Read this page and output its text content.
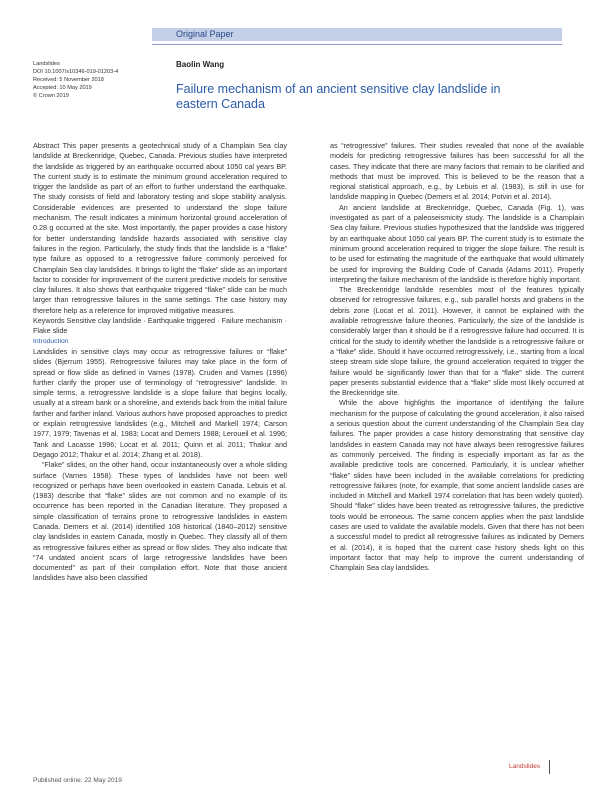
Original Paper
Landslides
DOI 10.1007/s10346-019-01203-4
Received: 5 November 2018
Accepted: 10 May 2019
© Crown 2019
Baolin Wang
Failure mechanism of an ancient sensitive clay landslide in eastern Canada

Abstract This paper presents a geotechnical study of a Champlain Sea clay landslide at Breckenridge, Quebec, Canada. Previous studies have interpreted the landslide as triggered by an earthquake occurred about 1050 cal years BP. The current study is to estimate the minimum ground acceleration required to trigger the landslide as part of an effort to further understand the earthquake. The study consists of field and laboratory testing and slope stability analysis. Considerable evidences are presented to understand the slope failure mechanism. The result indicates a minimum horizontal ground acceleration of 0.28 g occurred at the site. Most importantly, the paper provides a case history for better understanding landslide hazards associated with sensitive clay failures in the region. Particularly, the study finds that the landslide is a “flake” type failure as opposed to a retrogressive failure commonly perceived for Champlain Sea clay landslides. It brings to light the “flake” slide as an important factor to consider for improvement of the current predictive models for sensitive clay failures. It also shows that earthquake triggered “flake” slide can be much larger than retrogressive failures in the same settings. The case history may therefore help as a reference for improved mitigative measures.

Keywords Sensitive clay landslide · Earthquake triggered · Failure mechanism · Flake slide

Introduction

Landslides in sensitive clays may occur as retrogressive failures or “flake” slides (Bjerrum 1955). Retrogressive failures may take place in the form of spread or flow slide as defined in Varnes (1978). Cruden and Varnes (1996) further clarify the proper use of terminology of “retrogressive” landslide. In simple terms, a retrogressive landslide is a slope failure that begins locally, usually at a stream bank or a shoreline, and extends back from the initial failure farther and farther inland. Various authors have proposed approaches to predict or explain retrogressive landslides (e.g., Mitchell and Markell 1974; Carson 1977, 1979; Tavenas et al. 1983; Locat and Demers 1988; Leroueil et al. 1996; Tank and Lacasse 1996; Locat et al. 2011; Quinn et al. 2011; Thakur and Degago 2012; Thakur et al. 2014; Zhang et al. 2018).

“Flake” slides, on the other hand, occur instantaneously over a whole sliding surface (Varnes 1958). These types of landslides have not been well recognized or perhaps have been overlooked in eastern Canada. Lebuis et al. (1983) describe that “flake” slides are not common and no example of its occurrence has been reported in the Canadian literature. They proposed a simple classification of terrains prone to retrogressive landslides in eastern Canada. Demers et al. (2014) identified 108 historical (1840–2012) sensitive clay landslides in eastern Canada, mostly in Quebec. They classify all of them as retrogressive failures either as spread or flow slides. They also indicate that “74 undated ancient scars of large retrogressive landslides have been documented” as part of their compilation effort. Note that those ancient landslides have also been classified

as “retrogressive” failures. Their studies revealed that none of the available models for predicting retrogressive failures has been successful for all the cases. They indicate that there are many factors that remain to be clarified and methods that must be improved. This is believed to be the reason that a regional statistical approach, e.g., by Lebuis et al. (1983), is still in use for landslide mapping in Quebec (Demers et al. 2014; Potvin et al. 2014).

An ancient landslide at Breckenridge, Quebec, Canada (Fig. 1), was investigated as part of a paleoseismicity study. The landslide is a Champlain Sea clay failure. Previous studies hypothesized that the landslide was triggered by an earthquake about 1050 cal years BP. The current study is to estimate the minimum ground acceleration required to trigger the slope failure. The result is to be used for estimating the magnitude of the earthquake that would ultimately be used for improving the Building Code of Canada (Adams 2011). Properly interpreting the failure mechanism of the landslide is therefore highly important.

The Breckenridge landslide resembles most of the features typically observed for retrogressive failures, e.g., sub parallel horsts and grabens in the debris zone (Locat et al. 2011). However, it cannot be explained with the available retrogressive failure theories. Particularly, the size of the landslide is considerably larger than it should be if a retrogressive failure had occurred. It is critical for the study to identify whether the landslide is a retrogressive failure or a “flake” slide. Should it have occurred retrogressively, i.e., starting from a local steep stream side slope failure, the ground acceleration required to trigger the failure would be significantly lower than that for a “flake” slide. The current paper presents substantial evidence that a “flake” slide most likely occurred at the Breckenridge site.

While the above highlights the importance of identifying the failure mechanism for the purpose of calculating the ground acceleration, it also raised a serious question about the current understanding of the Champlain Sea clay failures. The paper provides a case history demonstrating that sensitive clay landslides in eastern Canada may not have always been retrogressive failures as commonly perceived. The finding is especially important as far as the available predictive tools are concerned. Particularly, it is unclear whether “flake” slides have been included in the available correlations for predicting retrogressive failures (note, for example, that some ancient landslide cases are included in Mitchell and Markell 1974 correlation that has been widely quoted). Should “flake” slides have been treated as retrogressive failures, the predictive tools would be erroneous. The same concern applies when the past landslide cases are used to validate the available models. Given that there has not been a successful model to predict all retrogressive failures as indicated by Demers et al. (2014), it is hoped that the current case history sheds light on this important factor that may help to improve the current understanding of Champlain Sea clay landslides.

Published online: 22 May 2019
Landslides
